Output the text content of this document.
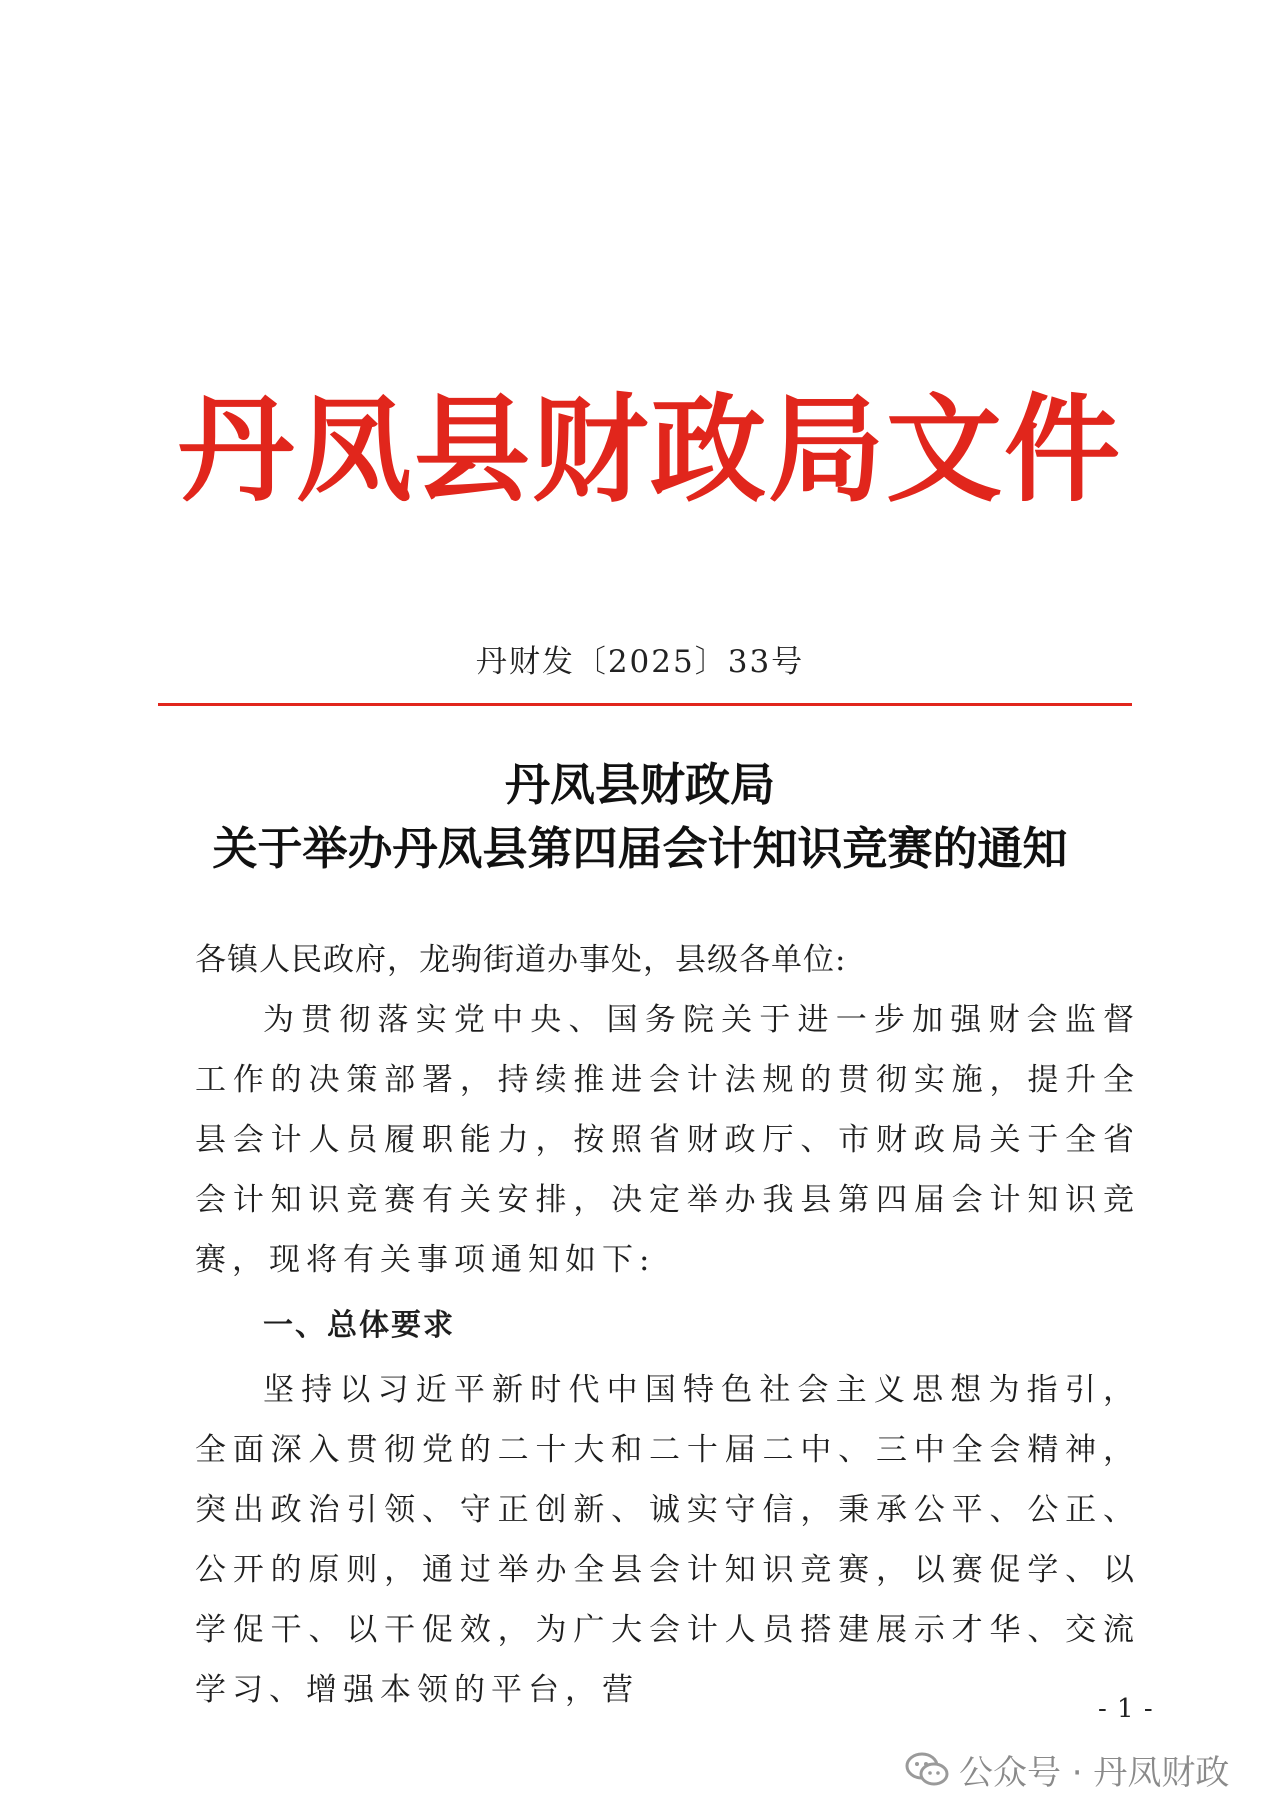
丹凤县财政局文件
丹财发〔2025〕33号
丹凤县财政局
关于举办丹凤县第四届会计知识竞赛的通知
各镇人民政府，龙驹街道办事处，县级各单位:
为贯彻落实党中央、国务院关于进一步加强财会监督工作的决策部署，持续推进会计法规的贯彻实施，提升全县会计人员履职能力，按照省财政厅、市财政局关于全省会计知识竞赛有关安排，决定举办我县第四届会计知识竞赛，现将有关事项通知如下:
一、总体要求
坚持以习近平新时代中国特色社会主义思想为指引，全面深入贯彻党的二十大和二十届二中、三中全会精神，突出政治引领、守正创新、诚实守信，秉承公平、公正、公开的原则，通过举办全县会计知识竞赛，以赛促学、以学促干、以干促效，为广大会计人员搭建展示才华、交流学习、增强本领的平台，营
- 1 -
公众号 · 丹凤财政
